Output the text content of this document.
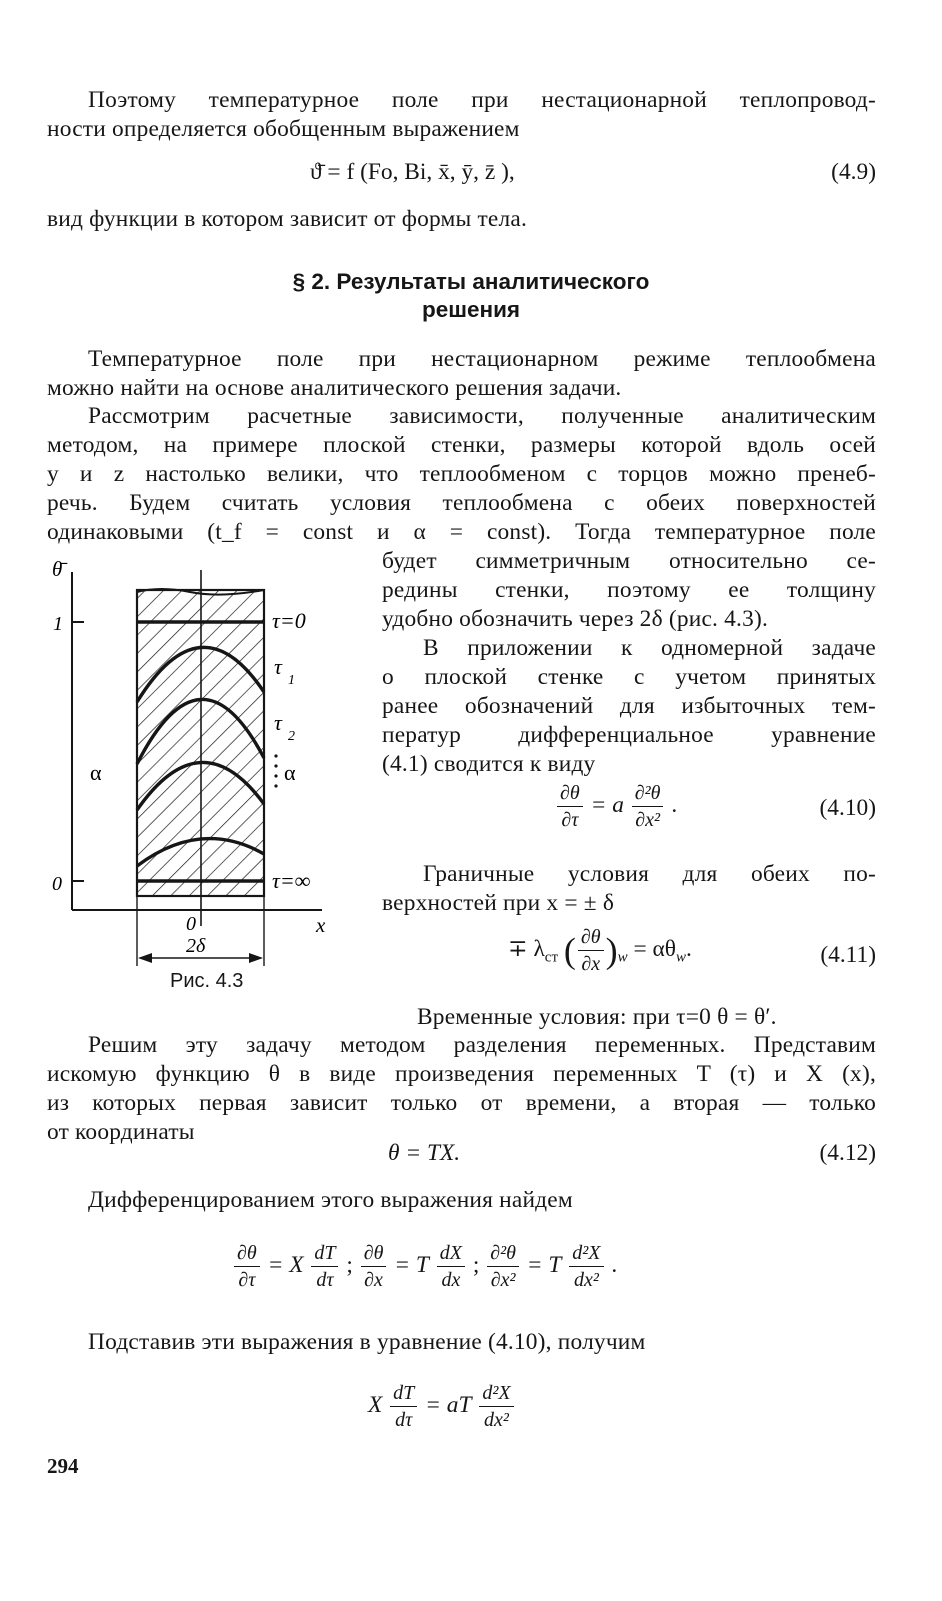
Поэтому температурное поле при нестационарной теплопровод-

ности определяется обобщенным выражением

ϑ̄ = f (Fo, Bi, x̄, ȳ, z̄ ),	(4.9)

вид функции в котором зависит от формы тела.

§ 2. Результаты аналитического

решения

Температурное поле при нестационарном режиме теплообмена

можно найти на основе аналитического решения задачи.

Рассмотрим расчетные зависимости, полученные аналитическим

методом, на примере плоской стенки, размеры которой вдоль осей

y и z настолько велики, что теплообменом с торцов можно пренеб-

речь. Будем считать условия теплообмена с обеих поверхностей

одинаковыми (t_f = const и α = const). Тогда температурное поле

будет симметричным относительно се-

редины стенки, поэтому ее толщину

удобно обозначить через 2δ (рис. 4.3).

В приложении к одномерной задаче

о плоской стенке с учетом принятых

ранее обозначений для избыточных тем-

ператур дифференциальное уравнение

(4.1) сводится к виду

$\frac{\partial\theta}{\partial\tau} = a \frac{\text{∂²θ}}{\text{∂x²}}$ .	(4.10)

Граничные условия для обеих по-

верхностей при x = ± δ

∓ $\lambda_{ст}$ ( $\frac{\partial\theta}{\partial x} )_w = \alpha\theta_w$.	(4.11)

θ̄
1
0
α	α
τ=0
τ
1
τ
2
τ=∞
0	x
2δ

Рис. 4.3

Временные условия: при τ=0 θ = θ′.

Решим эту задачу методом разделения переменных. Представим

искомую функцию θ в виде произведения переменных T (τ) и X (x),

из которых первая зависит только от времени, а вторая — только

от координаты

θ = TX.	(4.12)

Дифференцированием этого выражения найдем

$\frac{\partial\theta}{\partial\tau} = X \frac{dT}{d\tau}$ ; $\frac{\partial\theta}{\partial x} = T \frac{dX}{dx}$ ; $\frac{\text{∂²θ}}{\text{∂x²}} = T \frac{\text{d²X}}{\text{dx²}}$ .

Подставив эти выражения в уравнение (4.10), получим

X $\frac{dT}{d\tau}$ = aT $\frac{\text{d²X}}{\text{dx²}}$

294
